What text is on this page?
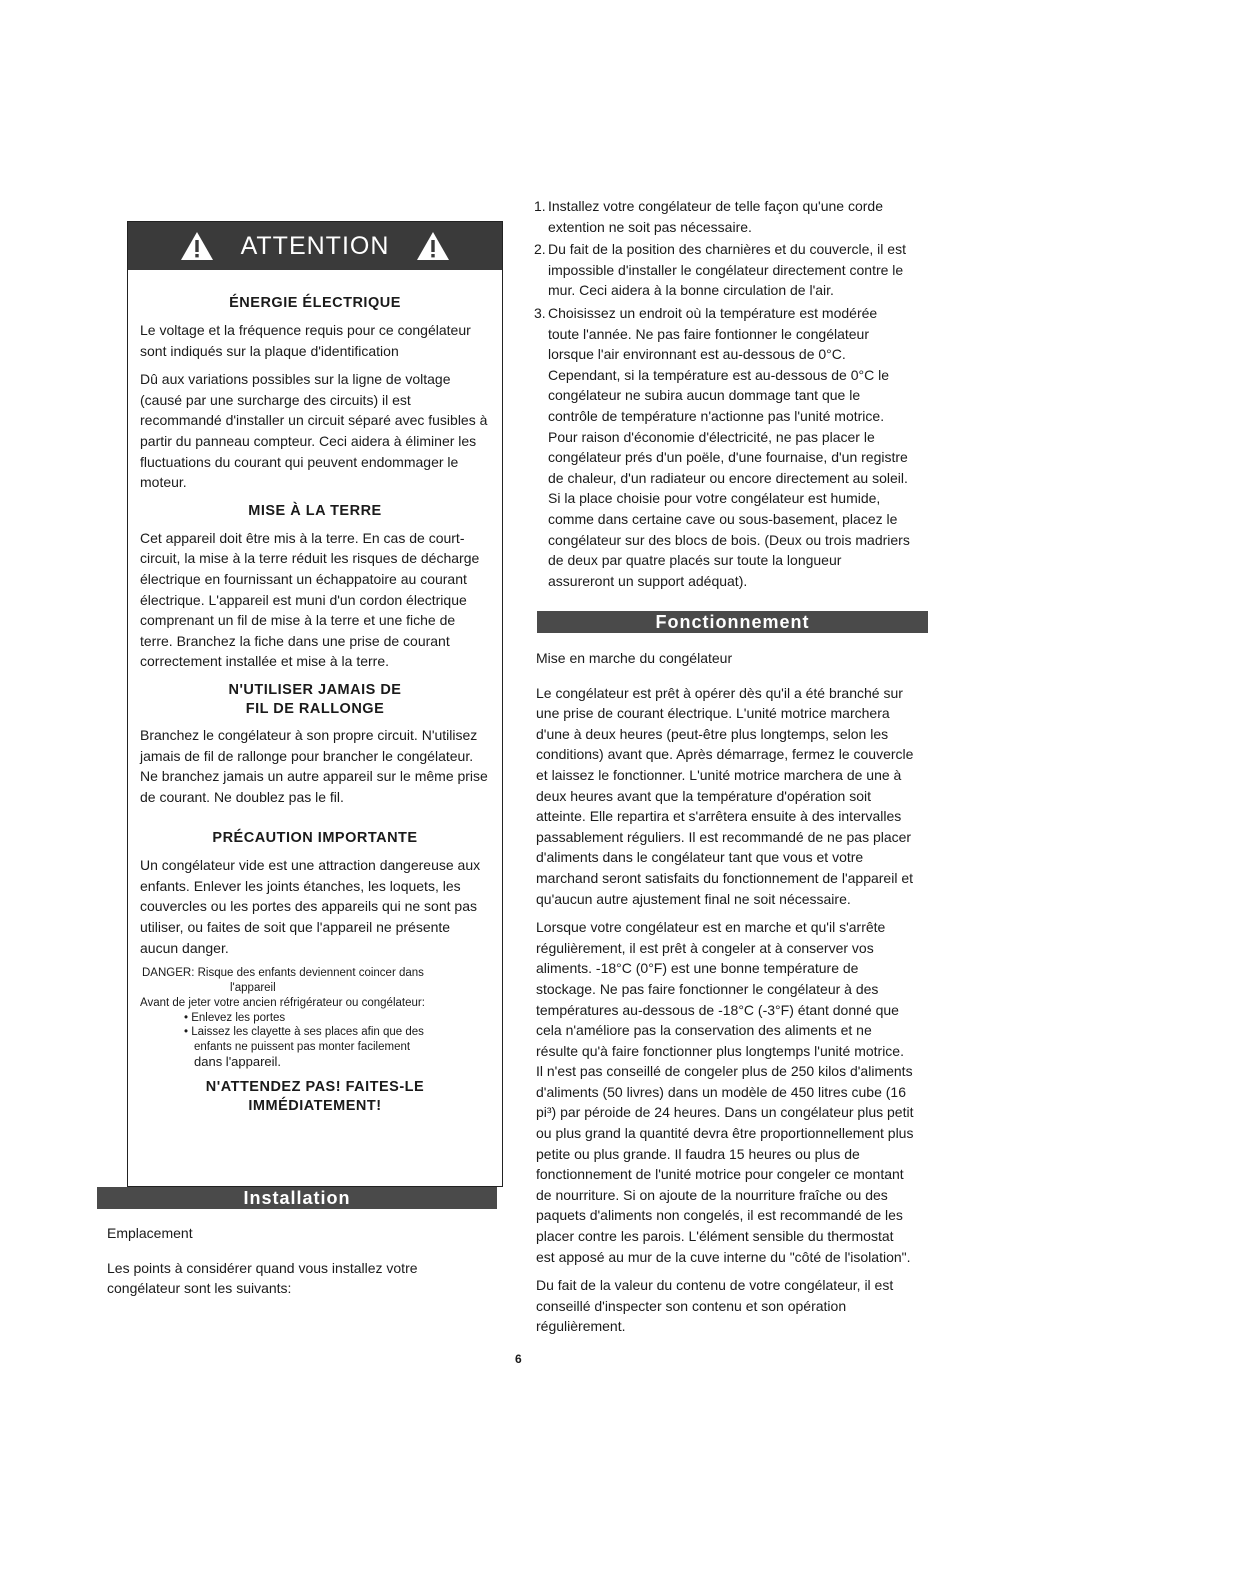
ATTENTION
ÉNERGIE ÉLECTRIQUE

Le voltage et la fréquence requis pour ce congélateur sont indiqués sur la plaque d'identification

Dû aux variations possibles sur la ligne de voltage (causé par une surcharge des circuits) il est recommandé d'installer un circuit séparé avec fusibles à partir du panneau compteur. Ceci aidera à éliminer les fluctuations du courant qui peuvent endommager le moteur.

MISE À LA TERRE

Cet appareil doit être mis à la terre. En cas de court-circuit, la mise à la terre réduit les risques de décharge électrique en fournissant un échappatoire au courant électrique. L'appareil est muni d'un cordon électrique comprenant un fil de mise à la terre et une fiche de terre. Branchez la fiche dans une prise de courant correctement installée et mise à la terre.

N'UTILISER JAMAIS DE
FIL DE RALLONGE

Branchez le congélateur à son propre circuit. N'utilisez jamais de fil de rallonge pour brancher le congélateur. Ne branchez jamais un autre appareil sur le même prise de courant. Ne doublez pas le fil.

PRÉCAUTION IMPORTANTE

Un congélateur vide est une attraction dangereuse aux enfants. Enlever les joints étanches, les loquets, les couvercles ou les portes des appareils qui ne sont pas utiliser, ou faites de soit que l'appareil ne présente aucun danger.

DANGER: Risque des enfants deviennent coincer dans
l'appareil
Avant de jeter votre ancien réfrigérateur ou congélateur:
• Enlevez les portes
• Laissez les clayette à ses places afin que des
enfants ne puissent pas monter facilement
dans l'appareil.
N'ATTENDEZ PAS! FAITES-LE
IMMÉDIATEMENT!
Installation

Emplacement

Les points à considérer quand vous installez votre congélateur sont les suivants:

1. Installez votre congélateur de telle façon qu'une corde extention ne soit pas nécessaire.
2. Du fait de la position des charnières et du couvercle, il est impossible d'installer le congélateur directement contre le mur. Ceci aidera à la bonne circulation de l'air.
3. Choisissez un endroit où la température est modérée toute l'année. Ne pas faire fontionner le congélateur lorsque l'air environnant est au-dessous de 0°C. Cependant, si la température est au-dessous de 0°C le congélateur ne subira aucun dommage tant que le contrôle de température n'actionne pas l'unité motrice. Pour raison d'économie d'électricité, ne pas placer le congélateur prés d'un poële, d'une fournaise, d'un registre de chaleur, d'un radiateur ou encore directement au soleil. Si la place choisie pour votre congélateur est humide, comme dans certaine cave ou sous-basement, placez le congélateur sur des blocs de bois. (Deux ou trois madriers de deux par quatre placés sur toute la longueur assureront un support adéquat).
Fonctionnement

Mise en marche du congélateur

Le congélateur est prêt à opérer dès qu'il a été branché sur une prise de courant électrique. L'unité motrice marchera d'une à deux heures (peut-être plus longtemps, selon les conditions) avant que. Après démarrage, fermez le couvercle et laissez le fonctionner. L'unité motrice marchera de une à deux heures avant que la température d'opération soit atteinte. Elle repartira et s'arrêtera ensuite à des intervalles passablement réguliers. Il est recommandé de ne pas placer d'aliments dans le congélateur tant que vous et votre marchand seront satisfaits du fonctionnement de l'appareil et qu'aucun autre ajustement final ne soit nécessaire.

Lorsque votre congélateur est en marche et qu'il s'arrête régulièrement, il est prêt à congeler at à conserver vos aliments. -18°C (0°F) est une bonne température de stockage. Ne pas faire fonctionner le congélateur à des températures au-dessous de -18°C (-3°F) étant donné que cela n'améliore pas la conservation des aliments et ne résulte qu'à faire fonctionner plus longtemps l'unité motrice. Il n'est pas conseillé de congeler plus de 250 kilos d'aliments d'aliments (50 livres) dans un modèle de 450 litres cube (16 pi³) par péroide de 24 heures. Dans un congélateur plus petit ou plus grand la quantité devra être proportionnellement plus petite ou plus grande. Il faudra 15 heures ou plus de fonctionnement de l'unité motrice pour congeler ce montant de nourriture. Si on ajoute de la nourriture fraîche ou des paquets d'aliments non congelés, il est recommandé de les placer contre les parois. L'élément sensible du thermostat est apposé au mur de la cuve interne du "côté de l'isolation".

Du fait de la valeur du contenu de votre congélateur, il est conseillé d'inspecter son contenu et son opération régulièrement.

6
